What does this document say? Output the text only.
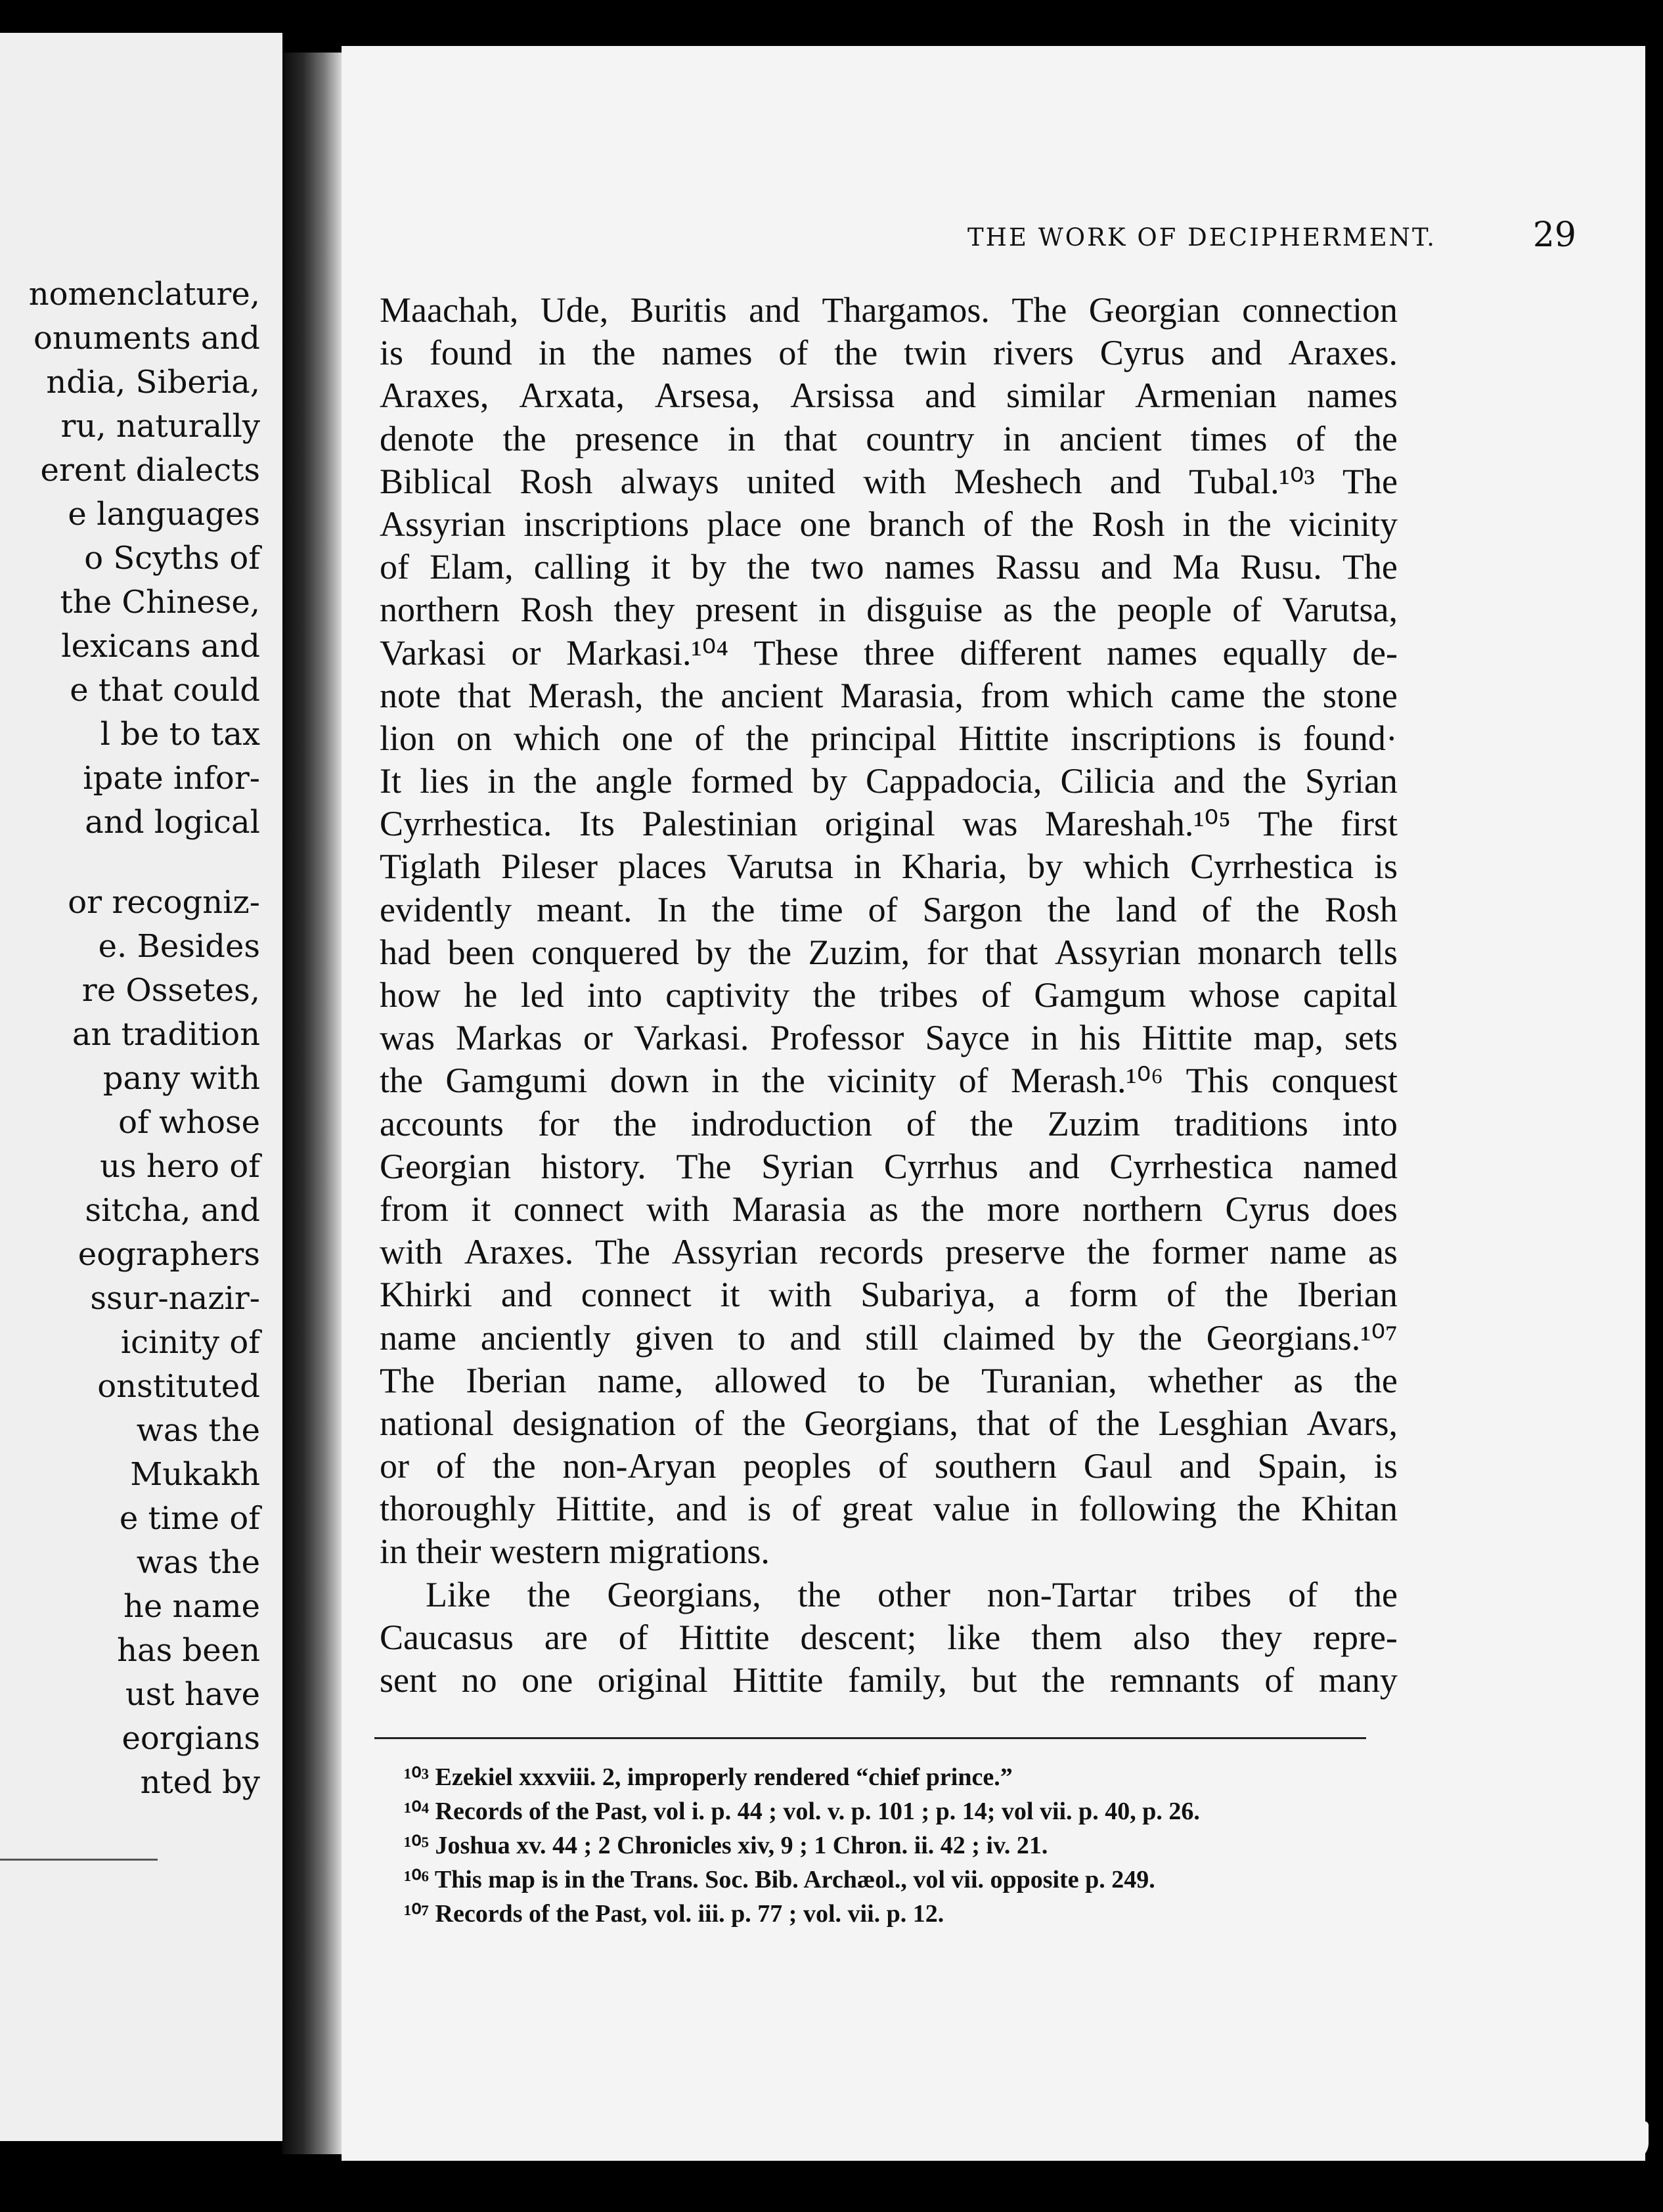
nomenclature,
onuments and
ndia, Siberia,
ru, naturally
erent dialects
e languages
o Scyths of
the Chinese,
lexicans and
e that could
l be to tax
ipate infor-
and logical
or recogniz-
e. Besides
re Ossetes,
an tradition
pany with
of whose
us hero of
sitcha, and
eographers
ssur-nazir-
icinity of
onstituted
was the
Mukakh
e time of
was the
he name
has been
ust have
eorgians
nted by
THE WORK OF DECIPHERMENT.	29
Maachah, Ude, Buritis and Thargamos. The Georgian connection
is found in the names of the twin rivers Cyrus and Araxes.
Araxes, Arxata, Arsesa, Arsissa and similar Armenian names
denote the presence in that country in ancient times of the
Biblical Rosh always united with Meshech and Tubal.¹⁰³ The
Assyrian inscriptions place one branch of the Rosh in the vicinity
of Elam, calling it by the two names Rassu and Ma Rusu. The
northern Rosh they present in disguise as the people of Varutsa,
Varkasi or Markasi.¹⁰⁴ These three different names equally de-
note that Merash, the ancient Marasia, from which came the stone
lion on which one of the principal Hittite inscriptions is found·
It lies in the angle formed by Cappadocia, Cilicia and the Syrian
Cyrrhestica. Its Palestinian original was Mareshah.¹⁰⁵ The first
Tiglath Pileser places Varutsa in Kharia, by which Cyrrhestica is
evidently meant. In the time of Sargon the land of the Rosh
had been conquered by the Zuzim, for that Assyrian monarch tells
how he led into captivity the tribes of Gamgum whose capital
was Markas or Varkasi. Professor Sayce in his Hittite map, sets
the Gamgumi down in the vicinity of Merash.¹⁰⁶ This conquest
accounts for the indroduction of the Zuzim traditions into
Georgian history. The Syrian Cyrrhus and Cyrrhestica named
from it connect with Marasia as the more northern Cyrus does
with Araxes. The Assyrian records preserve the former name as
Khirki and connect it with Subariya, a form of the Iberian
name anciently given to and still claimed by the Georgians.¹⁰⁷
The Iberian name, allowed to be Turanian, whether as the
national designation of the Georgians, that of the Lesghian Avars,
or of the non-Aryan peoples of southern Gaul and Spain, is
thoroughly Hittite, and is of great value in following the Khitan
in their western migrations.
Like the Georgians, the other non-Tartar tribes of the
Caucasus are of Hittite descent; like them also they repre-
sent no one original Hittite family, but the remnants of many
¹⁰³ Ezekiel xxxviii. 2, improperly rendered “chief prince.”
¹⁰⁴ Records of the Past, vol i. p. 44 ; vol. v. p. 101 ; p. 14; vol vii. p. 40, p. 26.
¹⁰⁵ Joshua xv. 44 ; 2 Chronicles xiv, 9 ; 1 Chron. ii. 42 ; iv. 21.
¹⁰⁶ This map is in the Trans. Soc. Bib. Archæol., vol vii. opposite p. 249.
¹⁰⁷ Records of the Past, vol. iii. p. 77 ; vol. vii. p. 12.
